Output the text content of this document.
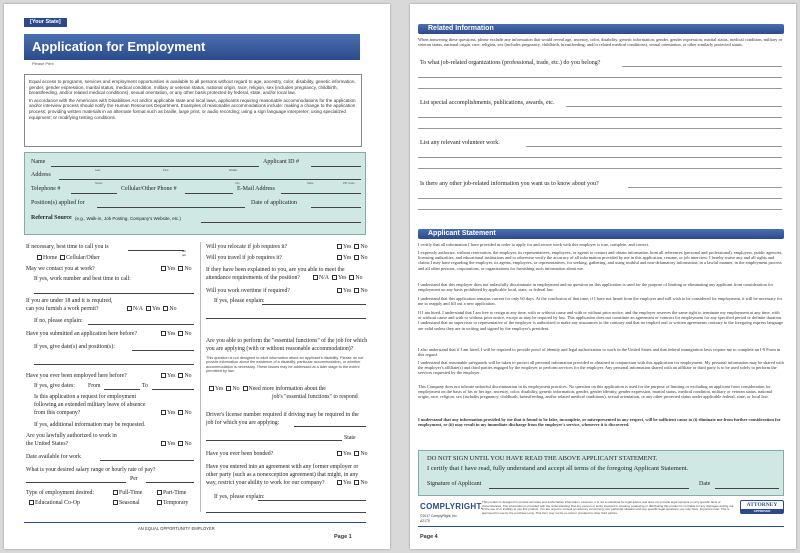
[Your State]
Application for Employment
Please Print

Equal access to programs, services and employment opportunities is available to all persons without regard to age, ancestry, color, disability, genetic information, gender, gender expression, marital status, medical condition, military or veteran status, national origin, race, religion, sex (includes pregnancy, childbirth, breastfeeding, and/or related medical conditions), sexual orientation, or any other basis protected by federal, state, and/or local law.

In accordance with the Americans with Disabilities Act and/or applicable state and local laws, applicants requiring reasonable accommodations for the application and/or interview process should notify the Human Resources Department. Examples of reasonable accommodations include: making a change to the application process; providing written materials in an alternate format such as braille, large print, or audio recording; using a sign language interpreter; using specialized equipment; or modifying testing conditions.

Name
Last	First	Middle
Applicant ID #
Address
Street	City	State	ZIP Code
Telephone #	Cellular/Other Phone #	E-Mail Address
Position(s) applied for	Date of application
Referral Source (e.g., Walk-in, Job Posting, Company's Website, etc.)
If necessary, best time to call you is
Home Cellular/Other
May we contact you at work?	Yes No
If yes, work number and best time to call:
If you are under 18 and it is required,
can you furnish a work permit?	N/A Yes No
If no, please explain:
Have you submitted an application here before?	Yes No
If yes, give date(s) and position(s):
Have you ever been employed here before?	Yes No
If yes, give dates: From	To
Is this application a request for employment
following an extended military leave of absence
from this company?	Yes No
If yes, additional information may be requested.
Are you lawfully authorized to work in
the United States?	Yes No
Date available for work
What is your desired salary range or hourly rate of pay?
Per
Type of employment desired:	Full-Time	Part-Time
Educational Co-Op	Seasonal	Temporary
am
pm
Will you relocate if job requires it?	Yes No
Will you travel if job requires it?	Yes No
If they have been explained to you, are you able to meet the
attendance requirements of the position?	N/A Yes No
Will you work overtime if required?	Yes No
If yes, please explain:
Are you able to perform the "essential functions" of the job for which
you are applying (with or without reasonable accommodation)?
This question is not designed to elicit information about an applicant's disability. Please do not provide information about the existence of a disability, particular accommodation, or whether accommodation is necessary. These issues may be addressed at a later stage to the extent permitted by law.
Yes No Need more information about the
job's "essential functions" to respond
Driver's license number required if driving may be required in the
job for which you are applying:
State
Have you ever been bonded?	Yes No
Have you entered into an agreement with any former employer or
other party (such as a nonexception agreement) that might, in any
way, restrict your ability to work for our company?	Yes No
If yes, please explain:
AN EQUAL OPPORTUNITY EMPLOYER
Page 1
Related Information
When answering these questions, please exclude any information that would reveal age, ancestry, color, disability, genetic information, gender, gender expression, marital status, medical condition, military or veteran status, national origin, race, religion, sex (includes pregnancy, childbirth, breastfeeding, and/or related medical conditions), sexual orientation, or other similarly protected status.
To what job-related organizations (professional, trade, etc.) do you belong?
List special accomplishments, publications, awards, etc.
List any relevant volunteer work.
Is there any other job-related information you want us to know about you?
Applicant Statement
I certify that all information I have provided in order to apply for and secure work with this employer is true, complete, and correct.
I expressly authorize, without reservation, the employer, its representatives, employees, or agents to contact and obtain information from all references (personal and professional), employers, public agencies, licensing authorities, and educational institutions and to otherwise verify the accuracy of all information provided by me in this application, resume, or job interview. I hereby waive any and all rights and claims I may have regarding the employer, its agents, employees, or representatives, for seeking, gathering, and using truthful and non-defamatory information, in a lawful manner, in the employment process and all other persons, corporations, or organizations for furnishing such information about me.
I understand that this employer does not unlawfully discriminate in employment and no question on this application is used for the purpose of limiting or eliminating any applicant from consideration for employment on any basis prohibited by applicable local, state, or federal law.
I understand that this application remains current for only 60 days. At the conclusion of that time, if I have not heard from the employer and still wish to be considered for employment, it will be necessary for me to reapply and fill out a new application.
If I am hired, I understand that I am free to resign at any time, with or without cause and with or without prior notice, and the employer reserves the same right to terminate my employment at any time, with or without cause and with or without prior notice, except as may be required by law. This application does not constitute an agreement or contract for employment for any specified period or definite duration. I understand that no supervisor or representative of the employer is authorized to make any assurances to the contrary and that no implied oral or written agreements contrary to the foregoing express language are valid unless they are in writing and signed by the employer's president.
I also understand that if I am hired, I will be required to provide proof of identity and legal authorization to work in the United States and that federal immigration laws require me to complete an I-9 Form in this regard.
I understand that reasonable safeguards will be taken to protect all personal information provided or obtained in conjunction with this application for employment. My personal information may be shared with the employer's affiliate(s) and third parties engaged by the employer to perform services for the employer. Any personal information shared with an affiliate or third party is to be used solely to perform the services requested by the employer.
This Company does not tolerate unlawful discrimination in its employment practices. No question on this application is used for the purpose of limiting or excluding an applicant from consideration for employment on the basis of his or her age, ancestry, color, disability, genetic information, gender, gender identity, gender expression, marital status, medical condition, military or veteran status, national origin, race, religion, sex (includes pregnancy, childbirth, breastfeeding, and/or related medical conditions), sexual orientation, or any other protected status under applicable federal, state, or local law.
I understand that any information provided by me that is found to be false, incomplete, or misrepresented in any respect, will be sufficient cause to (i) eliminate me from further consideration for employment, or (ii) may result in my immediate discharge from the employer's service, whenever it is discovered.
DO NOT SIGN UNTIL YOU HAVE READ THE ABOVE APPLICANT STATEMENT.
I certify that I have read, fully understand and accept all terms of the foregoing Applicant Statement.
Signature of Applicant	Date
COMPLYRIGHT.
©2017 ComplyRight, Inc.
A2170
This product is designed to provide accurate and authoritative information. However, it is not a substitute for legal advice and does not provide legal opinions on any specific facts or circumstances. The information is provided with the understanding that any person or entity involved in creating, producing or distributing this product is not liable for any damages arising out of the use of or inability to use this product. You are urged to consult an attorney concerning your particular situation and any specific legal questions you may have. Important note: This is approved for use by the purchaser only. This form may not be re-sold or provided to other third parties.
ATTORNEY
APPROVED
Page 4
